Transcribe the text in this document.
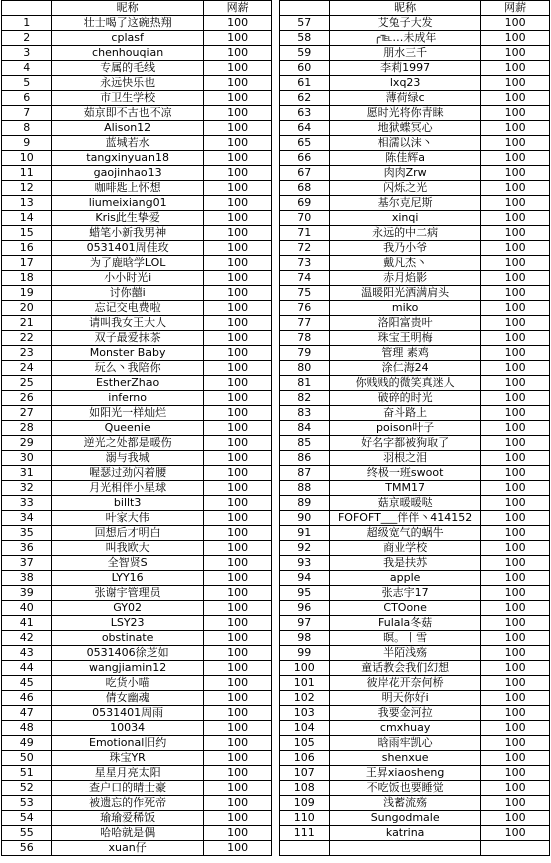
	昵称	网薪			昵称	网薪
1	壮士喝了这碗热翔	100		57	艾兔子大发	100
2	cplasf	100		58	╭℡…未成年	100
3	chenhouqian	100		59	朋水三千	100
4	专属的毛线	100		60	李莉1997	100
5	永远快乐也	100		61	lxq23	100
6	市卫生学校	100		62	薄荷绿c	100
7	茹京即不古也不凉	100		63	愿时光将你青睐	100
8	Alison12	100		64	地狱蝶冥心	100
9	蓝城若水	100		65	相濡以沫丶	100
10	tangxinyuan18	100		66	陈佳辉a	100
11	gaojinhao13	100		67	肉肉Zrw	100
12	咖啡匙上怀想	100		68	闪烁之光	100
13	liumeixiang01	100		69	基尔克尼斯	100
14	Kris此生挚爱	100		70	xinqi	100
15	蜡笔小新我男神	100		71	永远的中二病	100
16	0531401周佳玫	100		72	我乃小爷	100
17	为了鹿晗学LOL	100		73	戴凡杰丶	100
18	小小时光i	100		74	赤月焰影	100
19	讨你囍i	100		75	温暖阳光洒满肩头	100
20	忘记交电费啦	100		76	miko	100
21	请叫我女王大人	100		77	洛阳富贵叶	100
22	双子最爱抹茶	100		78	珠宝王明梅	100
23	Monster Baby	100		79	管理 素鸡	100
24	玩么丶我陪你	100		80	涂仁海24	100
25	EstherZhao	100		81	你贱贱的微笑真迷人	100
26	inferno	100		82	破碎的时光	100
27	如阳光一样灿烂	100		83	奋斗路上	100
28	Queenie	100		84	poison叶子	100
29	逆光之处都是暖伤	100		85	好名字都被狗取了	100
30	溺与我城	100		86	羽根之泪	100
31	喔瑟过劲闪着腰	100		87	终极一班swoot	100
32	月光相伴小星球	100		88	TMM17	100
33	billt3	100		89	菇京暖暖哒	100
34	叶家大伟	100		90	FOFOFT___伴伴丶414152	100
35	回想后才明白	100		91	超级宽气的蜗牛	100
36	叫我欧大	100		92	商业学校	100
37	全智贤S	100		93	我是扶苏	100
38	LYY16	100		94	apple	100
39	张谢宇管理员	100		95	张志宇17	100
40	GY02	100		96	CTOone	100
41	LSY23	100		97	Fulala冬菇	100
42	obstinate	100		98	暝。丨雪	100
43	0531406徐芝如	100		99	半陌浅殇	100
44	wangjiamin12	100		100	童话教会我们幻想	100
45	吃货小喵	100		101	彼岸花开奈何桥	100
46	倩女幽魂	100		102	明天你好i	100
47	0531401周雨	100		103	我要金河拉	100
48	10034	100		104	cmxhuay	100
49	Emotional旧约	100		105	晗雨牢凯心	100
50	珠宝YR	100		106	shenxue	100
51	星星月亮太阳	100		107	王昇xiaosheng	100
52	查户口的晴士豪	100		108	不吃饭也要睡觉	100
53	被遗忘的作死帝	100		109	浅蓄流殇	100
54	瑜瑜爱稀饭	100		110	Sungodmale	100
55	哈哈就是偶	100		111	katrina	100
56	xuan仔	100				
